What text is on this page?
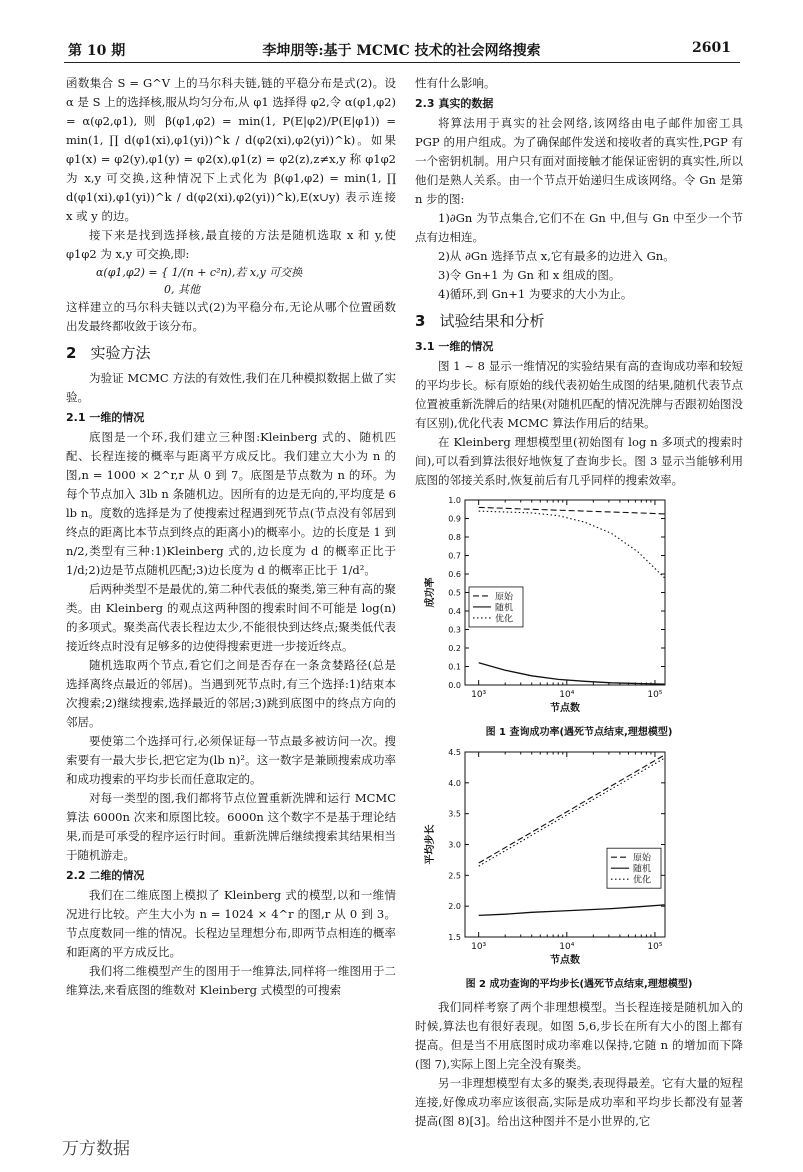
第 10 期	李坤朋等:基于 MCMC 技术的社会网络搜索	2601

函数集合 S = G^V 上的马尔科夫链,链的平稳分布是式(2)。设 α 是 S 上的选择核,服从均匀分布,从 φ1 选择得 φ2,令 α(φ1,φ2) = α(φ2,φ1), 则 β(φ1,φ2) = min(1, P(E|φ2)/P(E|φ1)) = min(1, ∏ d(φ1(xi),φ1(yi))^k / d(φ2(xi),φ2(yi))^k)。如果 φ1(x) = φ2(y),φ1(y) = φ2(x),φ1(z) = φ2(z),z≠x,y 称 φ1φ2 为 x,y 可交换,这种情况下上式化为 β(φ1,φ2) = min(1, ∏ d(φ1(xi),φ1(yi))^k / d(φ2(xi),φ2(yi))^k),E(x∪y) 表示连接 x 或 y 的边。

接下来是找到选择核,最直接的方法是随机选取 x 和 y,使 φ1φ2 为 x,y 可交换,即:

α(φ1,φ2) = { 1/(n + c²n),若 x,y 可交换
0, 其他

这样建立的马尔科夫链以式(2)为平稳分布,无论从哪个位置函数出发最终都收敛于该分布。

2 实验方法

为验证 MCMC 方法的有效性,我们在几种模拟数据上做了实验。

2.1 一维的情况

底图是一个环,我们建立三种图:Kleinberg 式的、随机匹配、长程连接的概率与距离平方成反比。我们建立大小为 n 的图,n = 1000 × 2^r,r 从 0 到 7。底图是节点数为 n 的环。为每个节点加入 3lb n 条随机边。因所有的边是无向的,平均度是 6 lb n。度数的选择是为了使搜索过程遇到死节点(节点没有邻居到终点的距离比本节点到终点的距离小)的概率小。边的长度是 1 到 n/2,类型有三种:1)Kleinberg 式的,边长度为 d 的概率正比于 1/d;2)边是节点随机匹配;3)边长度为 d 的概率正比于 1/d²。

后两种类型不是最优的,第二种代表低的聚类,第三种有高的聚类。由 Kleinberg 的观点这两种图的搜索时间不可能是 log(n) 的多项式。聚类高代表长程边太少,不能很快到达终点;聚类低代表接近终点时没有足够多的边使得搜索更进一步接近终点。

随机选取两个节点,看它们之间是否存在一条贪婪路径(总是选择离终点最近的邻居)。当遇到死节点时,有三个选择:1)结束本次搜索;2)继续搜索,选择最近的邻居;3)跳到底图中的终点方向的邻居。

要使第二个选择可行,必须保证每一节点最多被访问一次。搜索要有一最大步长,把它定为(lb n)²。这一数字是兼顾搜索成功率和成功搜索的平均步长而任意取定的。

对每一类型的图,我们都将节点位置重新洗牌和运行 MCMC 算法 6000n 次来和原图比较。6000n 这个数字不是基于理论结果,而是可承受的程序运行时间。重新洗牌后继续搜索其结果相当于随机游走。

2.2 二维的情况

我们在二维底图上模拟了 Kleinberg 式的模型,以和一维情况进行比较。产生大小为 n = 1024 × 4^r 的图,r 从 0 到 3。节点度数同一维的情况。长程边呈理想分布,即两节点相连的概率和距离的平方成反比。

我们将二维模型产生的图用于一维算法,同样将一维图用于二维算法,来看底图的维数对 Kleinberg 式模型的可搜索

性有什么影响。

2.3 真实的数据

将算法用于真实的社会网络,该网络由电子邮件加密工具 PGP 的用户组成。为了确保邮件发送和接收者的真实性,PGP 有一个密钥机制。用户只有面对面接触才能保证密钥的真实性,所以他们是熟人关系。由一个节点开始递归生成该网络。令 Gn 是第 n 步的图:

1)∂Gn 为节点集合,它们不在 Gn 中,但与 Gn 中至少一个节点有边相连。

2)从 ∂Gn 选择节点 x,它有最多的边进入 Gn。

3)令 Gn+1 为 Gn 和 x 组成的图。

4)循环,到 Gn+1 为要求的大小为止。

3 试验结果和分析
3.1 一维的情况

图 1 ~ 8 显示一维情况的实验结果有高的查询成功率和较短的平均步长。标有原始的线代表初始生成图的结果,随机代表节点位置被重新洗牌后的结果(对随机匹配的情况洗牌与否跟初始图没有区别),优化代表 MCMC 算法作用后的结果。

在 Kleinberg 理想模型里(初始图有 log n 多项式的搜索时间),可以看到算法很好地恢复了查询步长。图 3 显示当能够利用底图的邻接关系时,恢复前后有几乎同样的搜索效率。

0.0
0.1
0.2
0.3
0.4
0.5
0.6
0.7
0.8
0.9
1.0
10³	10⁴	10⁵
节点数
成功率	原始
随机
优化
图 1 查询成功率(遇死节点结束,理想模型)
1.5
2.0
2.5
3.0
3.5
4.0
4.5
10³	10⁴	10⁵
节点数
平均步长	原始
随机
优化
图 2 成功查询的平均步长(遇死节点结束,理想模型)

我们同样考察了两个非理想模型。当长程连接是随机加入的时候,算法也有很好表现。如图 5,6,步长在所有大小的图上都有提高。但是当不用底图时成功率难以保持,它随 n 的增加而下降(图 7),实际上图上完全没有聚类。

另一非理想模型有太多的聚类,表现得最差。它有大量的短程连接,好像成功率应该很高,实际是成功率和平均步长都没有显著提高(图 8)[3]。给出这种图并不是小世界的,它

万方数据
